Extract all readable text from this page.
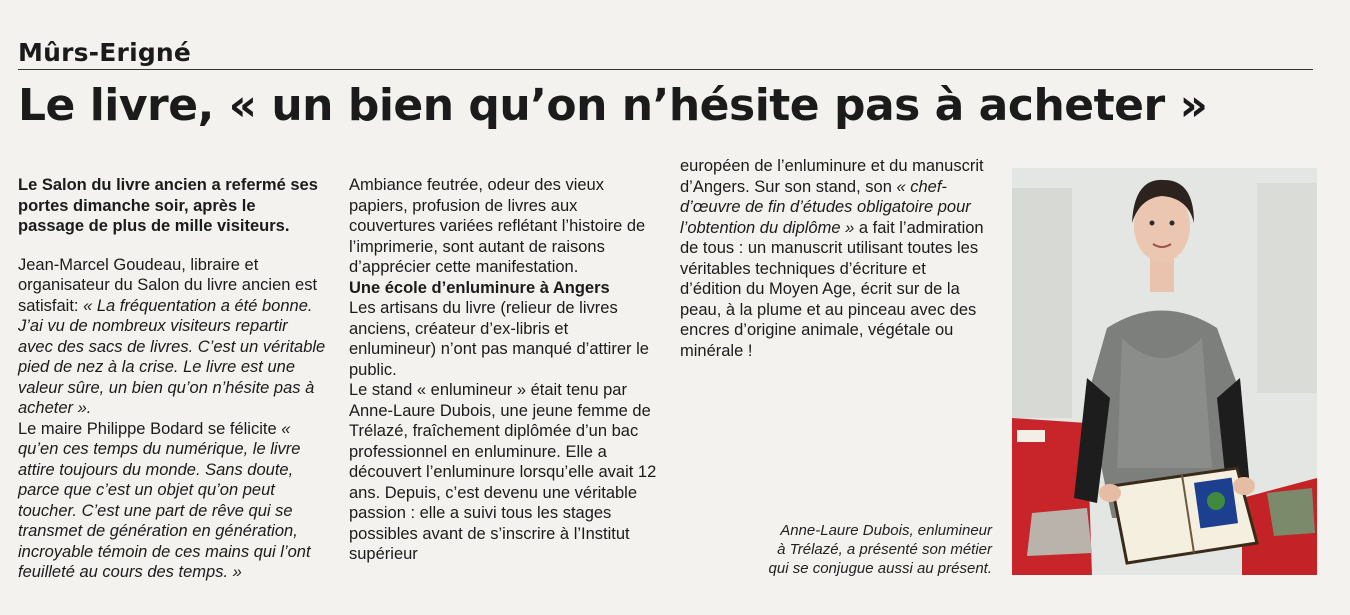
Mûrs-Erigné
Le livre, « un bien qu’on n’hésite pas à acheter »

Le Salon du livre ancien a refermé ses portes dimanche soir, après le passage de plus de mille visiteurs.

Jean-Marcel Goudeau, libraire et organisateur du Salon du livre ancien est satisfait: « La fréquentation a été bonne. J’ai vu de nombreux visiteurs repartir avec des sacs de livres. C’est un véritable pied de nez à la crise. Le livre est une valeur sûre, un bien qu’on n’hésite pas à acheter ».

Le maire Philippe Bodard se félicite « qu’en ces temps du numérique, le livre attire toujours du monde. Sans doute, parce que c’est un objet qu’on peut toucher. C’est une part de rêve qui se transmet de génération en génération, incroyable témoin de ces mains qui l’ont feuilleté au cours des temps. »

Ambiance feutrée, odeur des vieux papiers, profusion de livres aux couvertures variées reflétant l’histoire de l’imprimerie, sont autant de raisons d’apprécier cette manifestation.

Une école d’enluminure à Angers

Les artisans du livre (relieur de livres anciens, créateur d’ex-libris et enlumineur) n’ont pas manqué d’attirer le public.

Le stand « enlumineur » était tenu par Anne-Laure Dubois, une jeune femme de Trélazé, fraîchement diplômée d’un bac professionnel en enluminure. Elle a découvert l’enluminure lorsqu’elle avait 12 ans. Depuis, c’est devenu une véritable passion : elle a suivi tous les stages possibles avant de s’inscrire à l’Institut supérieur

européen de l’enluminure et du manuscrit d’Angers. Sur son stand, son « chef-d’œuvre de fin d’études obligatoire pour l’obtention du diplôme » a fait l’admiration de tous : un manuscrit utilisant toutes les véritables techniques d’écriture et d’édition du Moyen Age, écrit sur de la peau, à la plume et au pinceau avec des encres d’origine animale, végétale ou minérale !

Anne-Laure Dubois, enlumineur
à Trélazé, a présenté son métier
qui se conjugue aussi au présent.
